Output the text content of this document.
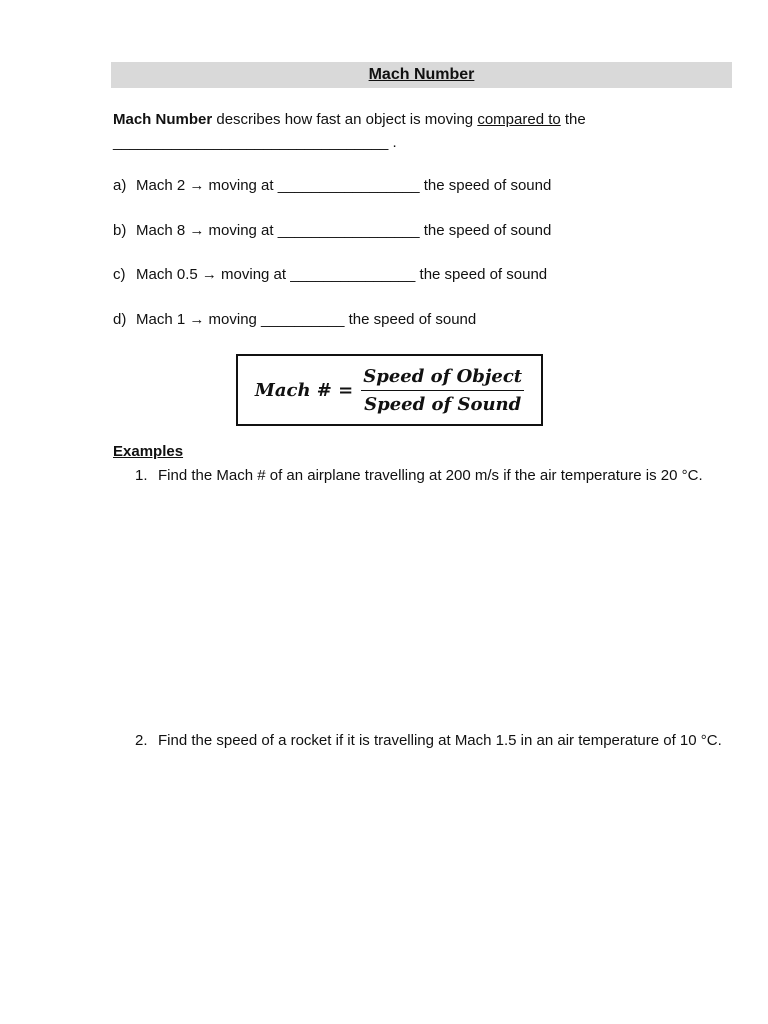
Mach Number
Mach Number describes how fast an object is moving compared to the
_________________________________ .
a) Mach 2 → moving at _________________ the speed of sound
b) Mach 8 → moving at _________________ the speed of sound
c) Mach 0.5 → moving at _______________ the speed of sound
d) Mach 1 → moving __________ the speed of sound
Mach # = $\frac{\text{Speed of Object}}{\text{Speed of Sound}}$
Examples
1. Find the Mach # of an airplane travelling at 200 m/s if the air temperature is 20 °C.
2. Find the speed of a rocket if it is travelling at Mach 1.5 in an air temperature of 10 °C.
